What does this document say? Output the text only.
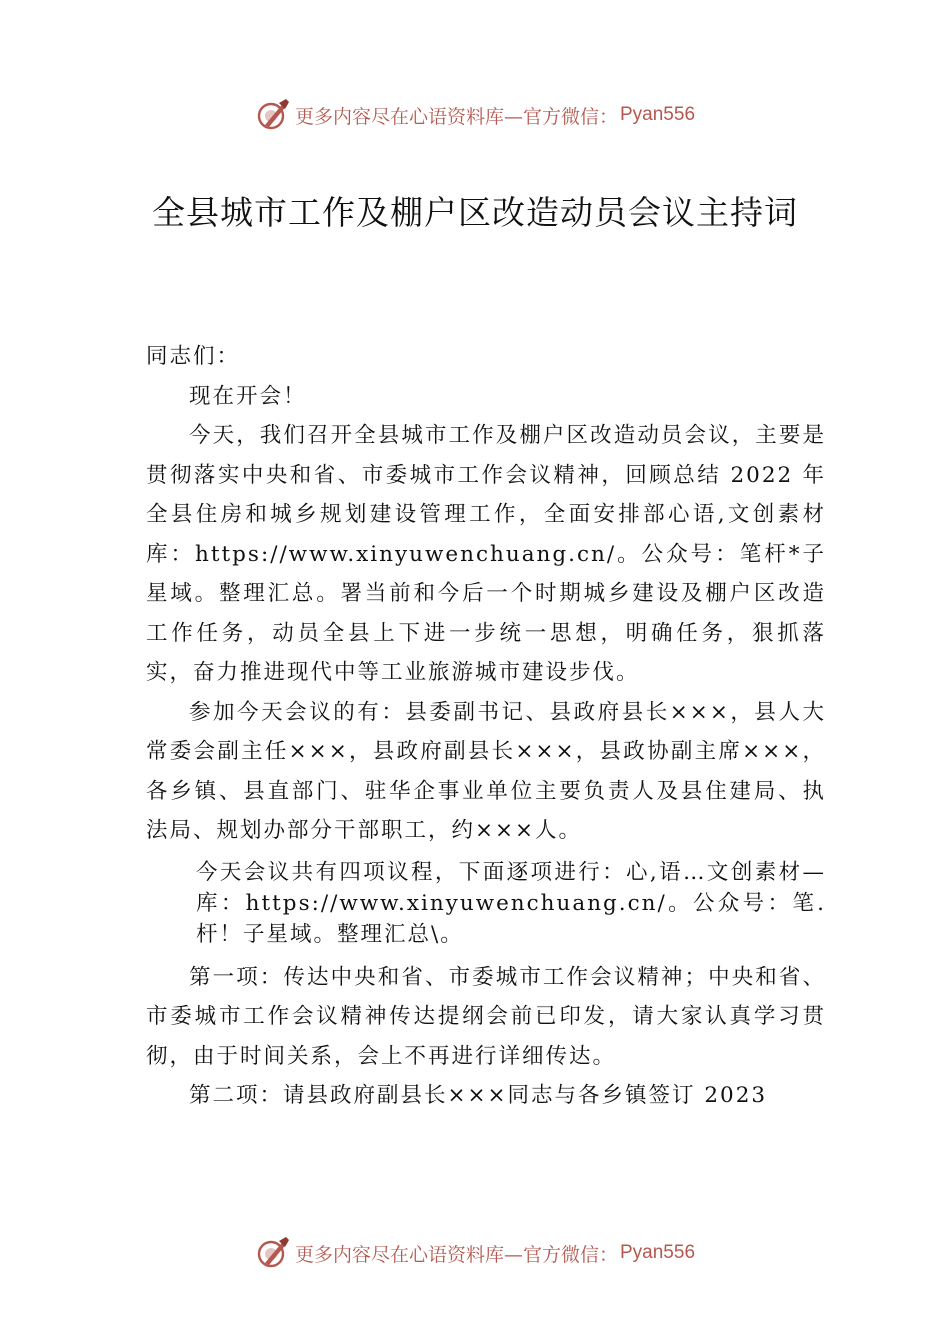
更多内容尽在心语资料库—官方微信： Pyan556
全县城市工作及棚户区改造动员会议主持词

同志们：

现在开会！

今天，我们召开全县城市工作及棚户区改造动员会议，主要是贯彻落实中央和省、市委城市工作会议精神，回顾总结 2022 年全县住房和城乡规划建设管理工作，全面安排部心语,文创素材库：https://www.xinyuwenchuang.cn/。公众号：笔杆*子星域。整理汇总。署当前和今后一个时期城乡建设及棚户区改造工作任务，动员全县上下进一步统一思想，明确任务，狠抓落实，奋力推进现代中等工业旅游城市建设步伐。

参加今天会议的有：县委副书记、县政府县长×××，县人大常委会副主任×××，县政府副县长×××，县政协副主席×××，各乡镇、县直部门、驻华企事业单位主要负责人及县住建局、执法局、规划办部分干部职工，约×××人。

今天会议共有四项议程，下面逐项进行：心,语…文创素材—库：https://www.xinyuwenchuang.cn/。公众号：笔.杆！子星域。整理汇总\。

第一项：传达中央和省、市委城市工作会议精神；中央和省、市委城市工作会议精神传达提纲会前已印发，请大家认真学习贯彻，由于时间关系，会上不再进行详细传达。

第二项：请县政府副县长×××同志与各乡镇签订 2023

更多内容尽在心语资料库—官方微信： Pyan556
